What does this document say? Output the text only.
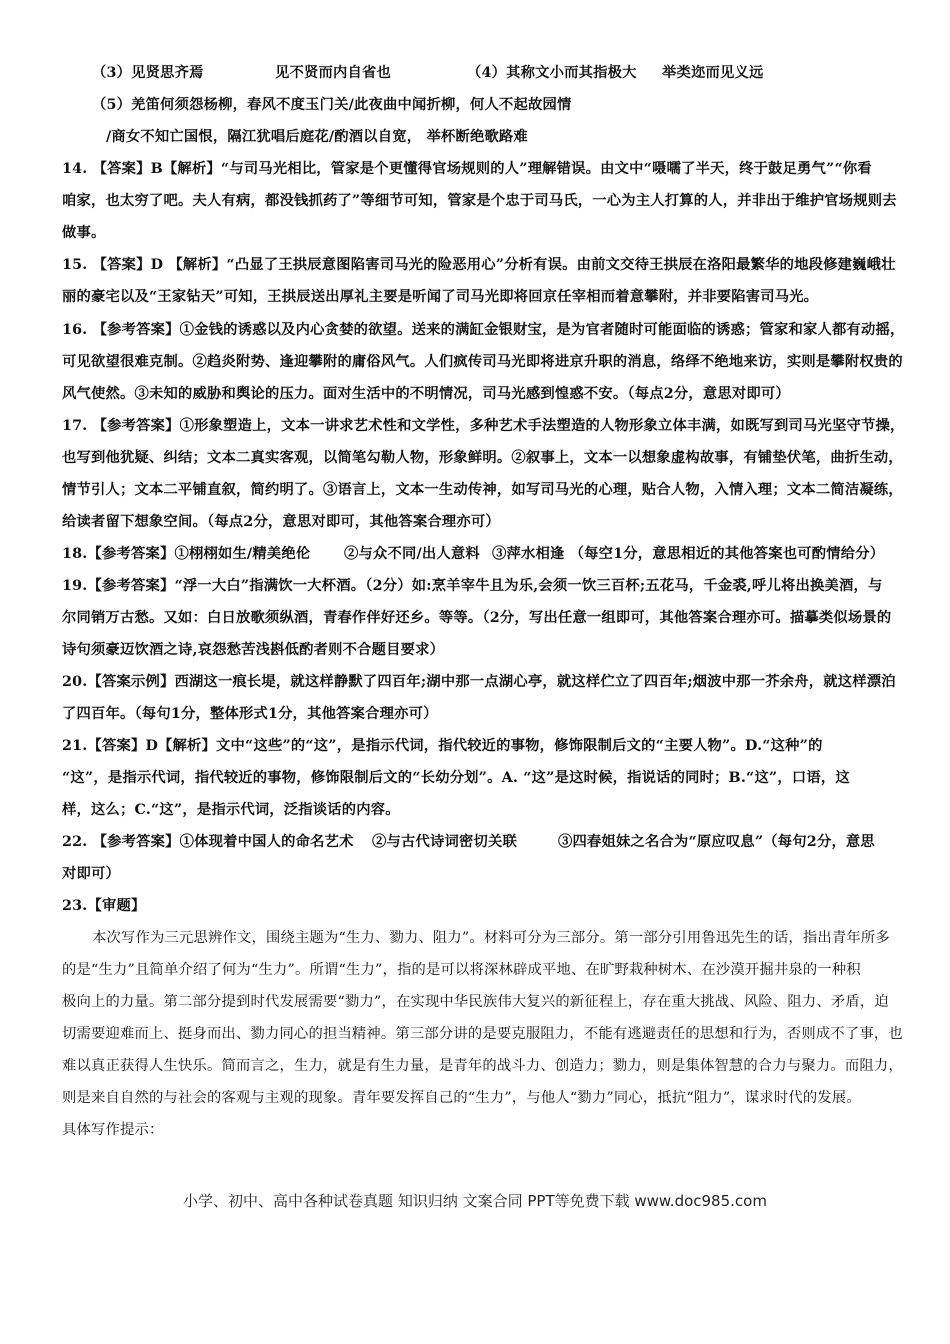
（3）见贤思齐焉	见不贤而内自省也	（4）其称文小而其指极大 举类迩而见义远
（5）羌笛何须怨杨柳，春风不度玉门关/此夜曲中闻折柳，何人不起故园情
/商女不知亡国恨，隔江犹唱后庭花/酌酒以自宽， 举杯断绝歌路难
14. 【答案】B【解析】“与司马光相比，管家是个更懂得官场规则的人”理解错误。由文中“嗫嚅了半天，终于鼓足勇气”“你看
咱家，也太穷了吧。夫人有病，都没钱抓药了”等细节可知，管家是个忠于司马氏，一心为主人打算的人，并非出于维护官场规则去
做事。
15. 【答案】D 【解析】“凸显了王拱辰意图陷害司马光的险恶用心”分析有误。由前文交待王拱辰在洛阳最繁华的地段修建巍峨壮
丽的豪宅以及“王家钻天”可知，王拱辰送出厚礼主要是听闻了司马光即将回京任宰相而着意攀附，并非要陷害司马光。
16. 【参考答案】①金钱的诱惑以及内心贪婪的欲望。送来的满缸金银财宝，是为官者随时可能面临的诱惑；管家和家人都有动摇，
可见欲望很难克制。②趋炎附势、逢迎攀附的庸俗风气。人们疯传司马光即将进京升职的消息，络绎不绝地来访，实则是攀附权贵的
风气使然。③未知的威胁和舆论的压力。面对生活中的不明情况，司马光感到惶惑不安。（每点2分，意思对即可）
17. 【参考答案】①形象塑造上，文本一讲求艺术性和文学性，多种艺术手法塑造的人物形象立体丰满，如既写到司马光坚守节操，
也写到他犹疑、纠结；文本二真实客观，以简笔勾勒人物，形象鲜明。②叙事上，文本一以想象虚构故事，有铺垫伏笔，曲折生动，
情节引人；文本二平铺直叙，简约明了。③语言上，文本一生动传神，如写司马光的心理，贴合人物，入情入理；文本二简洁凝练，
给读者留下想象空间。（每点2分，意思对即可，其他答案合理亦可）
18.【参考答案】①栩栩如生/精美绝伦 ②与众不同/出人意料 ③萍水相逢 （每空1分，意思相近的其他答案也可酌情给分）
19.【参考答案】“浮一大白”指满饮一大杯酒。（2分）如:烹羊宰牛且为乐,会须一饮三百杯;五花马，千金裘,呼儿将出换美酒，与
尔同销万古愁。又如：白日放歌须纵酒，青春作伴好还乡。等等。（2分，写出任意一组即可，其他答案合理亦可。描摹类似场景的
诗句须豪迈饮酒之诗,哀怨愁苦浅斟低酌者则不合题目要求）
20.【答案示例】西湖这一痕长堤，就这样静默了四百年;湖中那一点湖心亭，就这样伫立了四百年;烟波中那一芥余舟，就这样漂泊
了四百年。（每句1分，整体形式1分，其他答案合理亦可）
21.【答案】D【解析】文中“这些”的“这”，是指示代词，指代较近的事物，修饰限制后文的“主要人物”。D.“这种”的
“这”，是指示代词，指代较近的事物，修饰限制后文的“长幼分划”。A. “这”是这时候，指说话的同时；B.“这”，口语，这
样，这么；C.“这”，是指示代词，泛指谈话的内容。
22. 【参考答案】①体现着中国人的命名艺术 ②与古代诗词密切关联	③四春姐妹之名合为“原应叹息”（每句2分，意思
对即可）
23.【审题】
本次写作为三元思辨作文，围绕主题为“生力、勠力、阻力”。材料可分为三部分。第一部分引用鲁迅先生的话，指出青年所多
的是“生力”且简单介绍了何为“生力”。所谓“生力”，指的是可以将深林辟成平地、在旷野栽种树木、在沙漠开掘井泉的一种积
极向上的力量。第二部分提到时代发展需要“勠力”，在实现中华民族伟大复兴的新征程上，存在重大挑战、风险、阻力、矛盾，迫
切需要迎难而上、挺身而出、勠力同心的担当精神。第三部分讲的是要克服阻力，不能有逃避责任的思想和行为，否则成不了事，也
难以真正获得人生快乐。简而言之，生力，就是有生力量，是青年的战斗力、创造力；勠力，则是集体智慧的合力与聚力。而阻力，
则是来自自然的与社会的客观与主观的现象。青年要发挥自己的“生力”，与他人“勠力”同心，抵抗“阻力”，谋求时代的发展。
具体写作提示：
小学、初中、高中各种试卷真题 知识归纳 文案合同 PPT等免费下载 www.doc985.com
